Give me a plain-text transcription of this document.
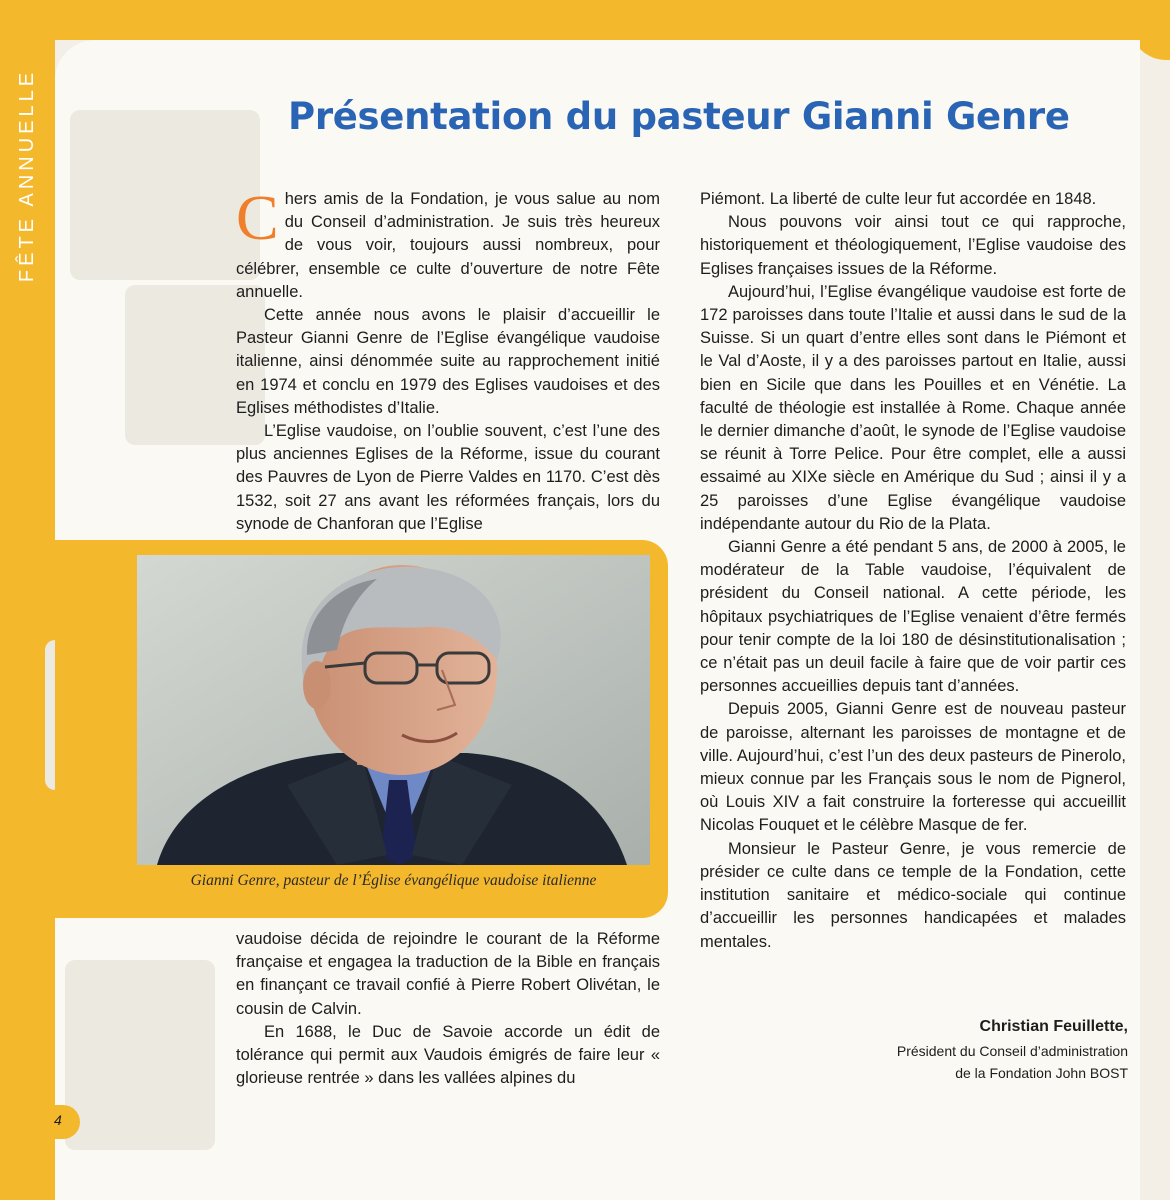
FÊTE ANNUELLE	Présentation du pasteur Gianni Genre

Chers amis de la Fondation, je vous salue au nom du Conseil d’administration. Je suis très heureux de vous voir, toujours aussi nombreux, pour célébrer, ensemble ce culte d’ouverture de notre Fête annuelle.

Cette année nous avons le plaisir d’accueillir le Pasteur Gianni Genre de l’Eglise évangélique vaudoise italienne, ainsi dénommée suite au rapprochement initié en 1974 et conclu en 1979 des Eglises vaudoises et des Eglises méthodistes d’Italie.

L’Eglise vaudoise, on l’oublie souvent, c’est l’une des plus anciennes Eglises de la Réforme, issue du courant des Pauvres de Lyon de Pierre Valdes en 1170. C’est dès 1532, soit 27 ans avant les réformées français, lors du synode de Chanforan que l’Eglise

Gianni Genre, pasteur de l’Église évangélique vaudoise italienne

vaudoise décida de rejoindre le courant de la Réforme française et engagea la traduction de la Bible en français en finançant ce travail confié à Pierre Robert Olivétan, le cousin de Calvin.

En 1688, le Duc de Savoie accorde un édit de tolérance qui permit aux Vaudois émigrés de faire leur « glorieuse rentrée » dans les vallées alpines du

Piémont. La liberté de culte leur fut accordée en 1848.

Nous pouvons voir ainsi tout ce qui rapproche, historiquement et théologiquement, l’Eglise vaudoise des Eglises françaises issues de la Réforme.

Aujourd’hui, l’Eglise évangélique vaudoise est forte de 172 paroisses dans toute l’Italie et aussi dans le sud de la Suisse. Si un quart d’entre elles sont dans le Piémont et le Val d’Aoste, il y a des paroisses partout en Italie, aussi bien en Sicile que dans les Pouilles et en Vénétie. La faculté de théologie est installée à Rome. Chaque année le dernier dimanche d’août, le synode de l’Eglise vaudoise se réunit à Torre Pelice. Pour être complet, elle a aussi essaimé au XIXe siècle en Amérique du Sud ; ainsi il y a 25 paroisses d’une Eglise évangélique vaudoise indépendante autour du Rio de la Plata.

Gianni Genre a été pendant 5 ans, de 2000 à 2005, le modérateur de la Table vaudoise, l’équivalent de président du Conseil national. A cette période, les hôpitaux psychiatriques de l’Eglise venaient d’être fermés pour tenir compte de la loi 180 de désinstitutionalisation ; ce n’était pas un deuil facile à faire que de voir partir ces personnes accueillies depuis tant d’années.

Depuis 2005, Gianni Genre est de nouveau pasteur de paroisse, alternant les paroisses de montagne et de ville. Aujourd’hui, c’est l’un des deux pasteurs de Pinerolo, mieux connue par les Français sous le nom de Pignerol, où Louis XIV a fait construire la forteresse qui accueillit Nicolas Fouquet et le célèbre Masque de fer.

Monsieur le Pasteur Genre, je vous remercie de présider ce culte dans ce temple de la Fondation, cette institution sanitaire et médico-sociale qui continue d’accueillir les personnes handicapées et malades mentales.

Christian Feuillette,
Président du Conseil d’administration
de la Fondation John BOST
4
